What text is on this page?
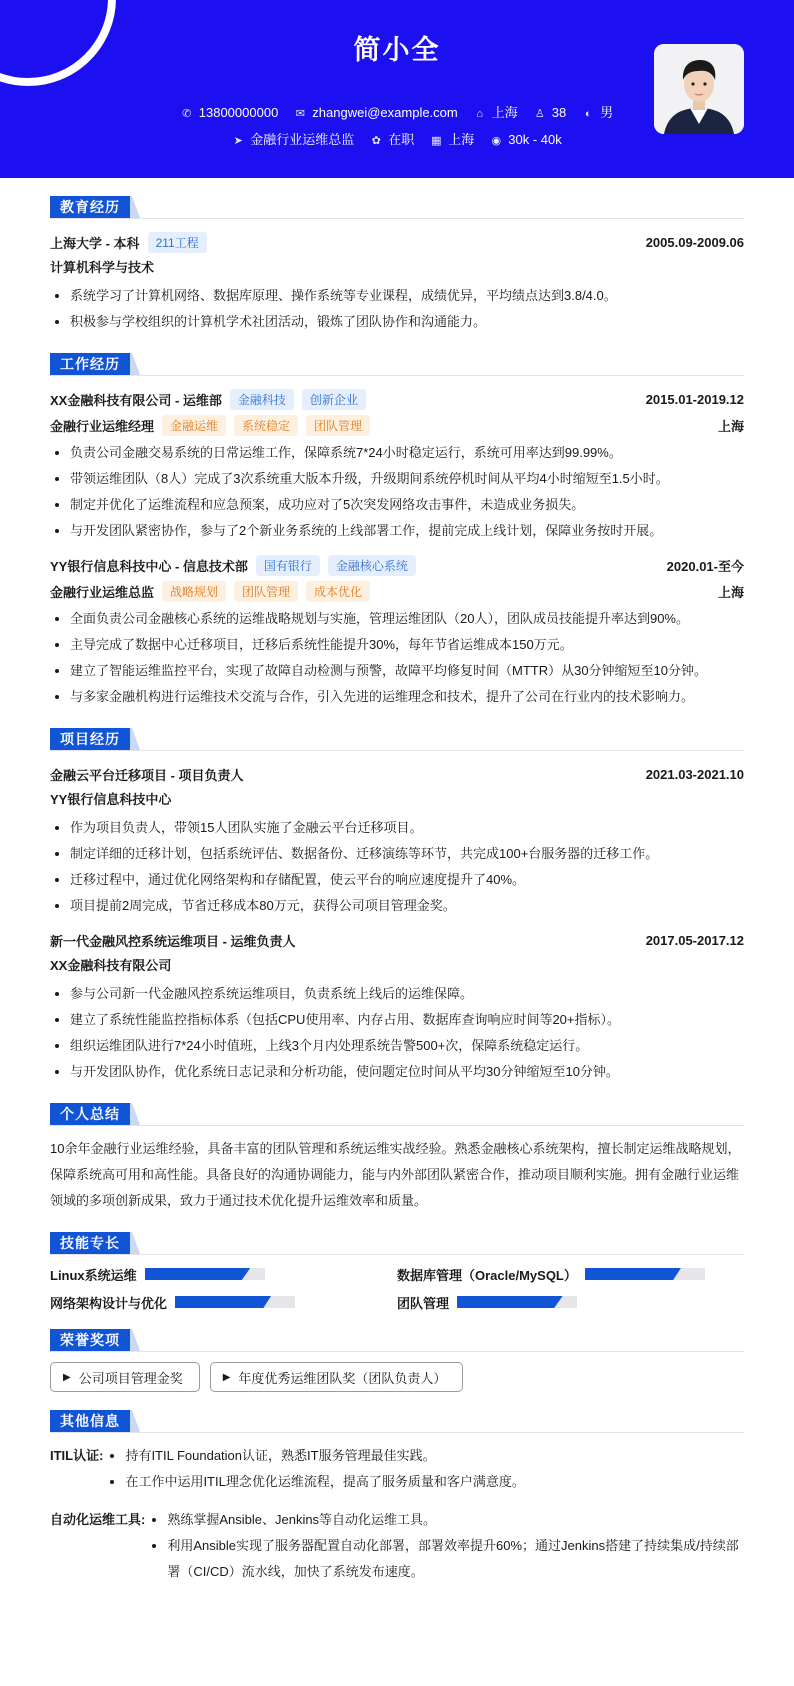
简小全
✆ 13800000000 ✉ zhangwei@example.com ⌂ 上海 ♙ 38 ◐ 男
➤ 金融行业运维总监 ✿ 在职 ▦ 上海 ◉ 30k - 40k
教育经历
上海大学 - 本科	211工程	2005.09-2009.06
计算机科学与技术
• 系统学习了计算机网络、数据库原理、操作系统等专业课程，成绩优异，平均绩点达到3.8/4.0。
• 积极参与学校组织的计算机学术社团活动，锻炼了团队协作和沟通能力。
工作经历
XX金融科技有限公司 - 运维部	金融科技	创新企业	2015.01-2019.12
金融行业运维经理	金融运维	系统稳定	团队管理	上海
• 负责公司金融交易系统的日常运维工作，保障系统7*24小时稳定运行，系统可用率达到99.99%。
• 带领运维团队（8人）完成了3次系统重大版本升级，升级期间系统停机时间从平均4小时缩短至1.5小时。
• 制定并优化了运维流程和应急预案，成功应对了5次突发网络攻击事件，未造成业务损失。
• 与开发团队紧密协作，参与了2个新业务系统的上线部署工作，提前完成上线计划，保障业务按时开展。
YY银行信息科技中心 - 信息技术部	国有银行	金融核心系统	2020.01-至今
金融行业运维总监	战略规划	团队管理	成本优化	上海
• 全面负责公司金融核心系统的运维战略规划与实施，管理运维团队（20人），团队成员技能提升率达到90%。
• 主导完成了数据中心迁移项目，迁移后系统性能提升30%，每年节省运维成本150万元。
• 建立了智能运维监控平台，实现了故障自动检测与预警，故障平均修复时间（MTTR）从30分钟缩短至10分钟。
• 与多家金融机构进行运维技术交流与合作，引入先进的运维理念和技术，提升了公司在行业内的技术影响力。
项目经历
金融云平台迁移项目 - 项目负责人	2021.03-2021.10
YY银行信息科技中心
• 作为项目负责人，带领15人团队实施了金融云平台迁移项目。
• 制定详细的迁移计划，包括系统评估、数据备份、迁移演练等环节，共完成100+台服务器的迁移工作。
• 迁移过程中，通过优化网络架构和存储配置，使云平台的响应速度提升了40%。
• 项目提前2周完成，节省迁移成本80万元，获得公司项目管理金奖。
新一代金融风控系统运维项目 - 运维负责人	2017.05-2017.12
XX金融科技有限公司
• 参与公司新一代金融风控系统运维项目，负责系统上线后的运维保障。
• 建立了系统性能监控指标体系（包括CPU使用率、内存占用、数据库查询响应时间等20+指标）。
• 组织运维团队进行7*24小时值班，上线3个月内处理系统告警500+次，保障系统稳定运行。
• 与开发团队协作，优化系统日志记录和分析功能，使问题定位时间从平均30分钟缩短至10分钟。
个人总结

10余年金融行业运维经验，具备丰富的团队管理和系统运维实战经验。熟悉金融核心系统架构，擅长制定运维战略规划，保障系统高可用和高性能。具备良好的沟通协调能力，能与内外部团队紧密合作，推动项目顺利实施。拥有金融行业运维领域的多项创新成果，致力于通过技术优化提升运维效率和质量。

技能专长
Linux系统运维	数据库管理（Oracle/MySQL）
网络架构设计与优化	团队管理
荣誉奖项
▶ 公司项目管理金奖	▶ 年度优秀运维团队奖（团队负责人）
其他信息
ITIL认证: • 持有ITIL Foundation认证，熟悉IT服务管理最佳实践。
• 在工作中运用ITIL理念优化运维流程，提高了服务质量和客户满意度。
自动化运维工具: • 熟练掌握Ansible、Jenkins等自动化运维工具。
• 利用Ansible实现了服务器配置自动化部署，部署效率提升60%；通过Jenkins搭建了持续集成/持续部署（CI/CD）流水线，加快了系统发布速度。
